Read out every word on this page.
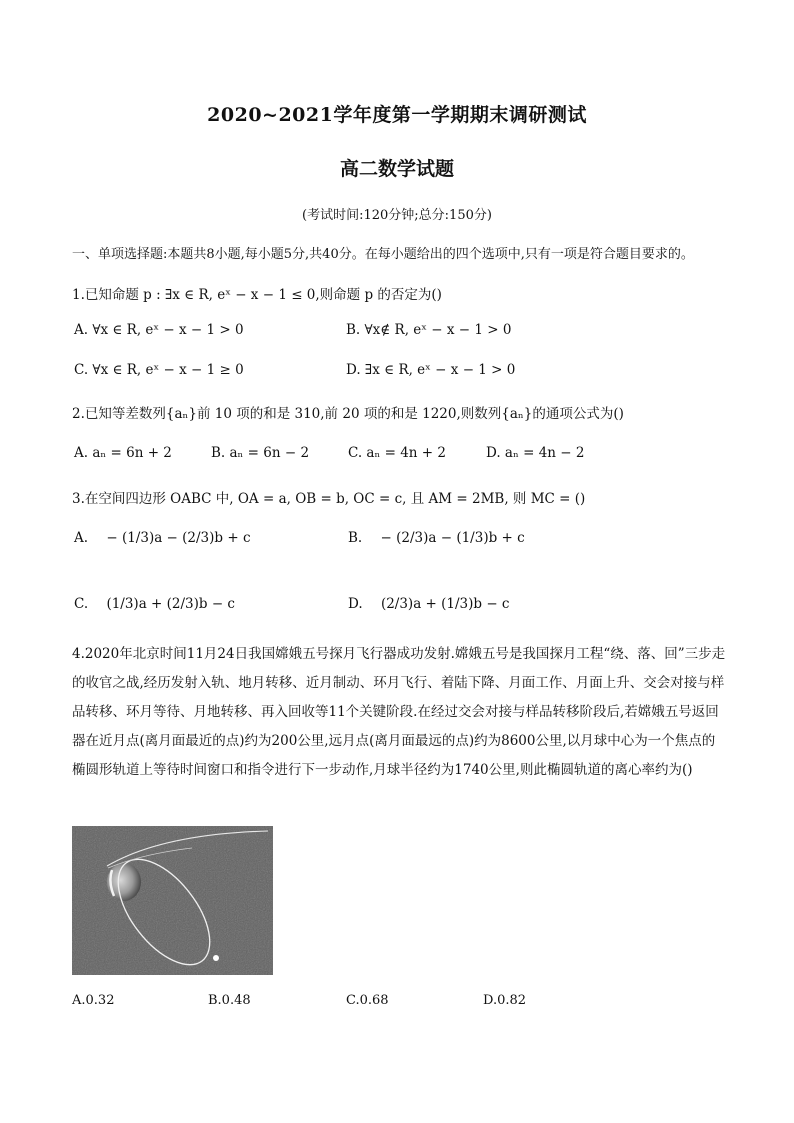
2020~2021学年度第一学期期末调研测试
高二数学试题
(考试时间:120分钟;总分:150分)
一、单项选择题:本题共8小题,每小题5分,共40分。在每小题给出的四个选项中,只有一项是符合题目要求的。
1.已知命题 p : ∃x ∈ R, eˣ − x − 1 ≤ 0,则命题 p 的否定为()
A. ∀x ∈ R, eˣ − x − 1 > 0	B. ∀x∉ R, eˣ − x − 1 > 0
C. ∀x ∈ R, eˣ − x − 1 ≥ 0	D. ∃x ∈ R, eˣ − x − 1 > 0
2.已知等差数列{aₙ}前 10 项的和是 310,前 20 项的和是 1220,则数列{aₙ}的通项公式为()
A. aₙ = 6n + 2	B. aₙ = 6n − 2	C. aₙ = 4n + 2	D. aₙ = 4n − 2
3.在空间四边形 OABC 中, OA = a, OB = b, OC = c, 且 AM = 2MB, 则 MC = ()
A. − (1/3)a − (2/3)b + c	B. − (2/3)a − (1/3)b + c
C. (1/3)a + (2/3)b − c	D. (2/3)a + (1/3)b − c
4.2020年北京时间11月24日我国嫦娥五号探月飞行器成功发射.嫦娥五号是我国探月工程“绕、落、回”三步走的收官之战,经历发射入轨、地月转移、近月制动、环月飞行、着陆下降、月面工作、月面上升、交会对接与样品转移、环月等待、月地转移、再入回收等11个关键阶段.在经过交会对接与样品转移阶段后,若嫦娥五号返回器在近月点(离月面最近的点)约为200公里,远月点(离月面最远的点)约为8600公里,以月球中心为一个焦点的椭圆形轨道上等待时间窗口和指令进行下一步动作,月球半径约为1740公里,则此椭圆轨道的离心率约为()
A.0.32	B.0.48	C.0.68	D.0.82
